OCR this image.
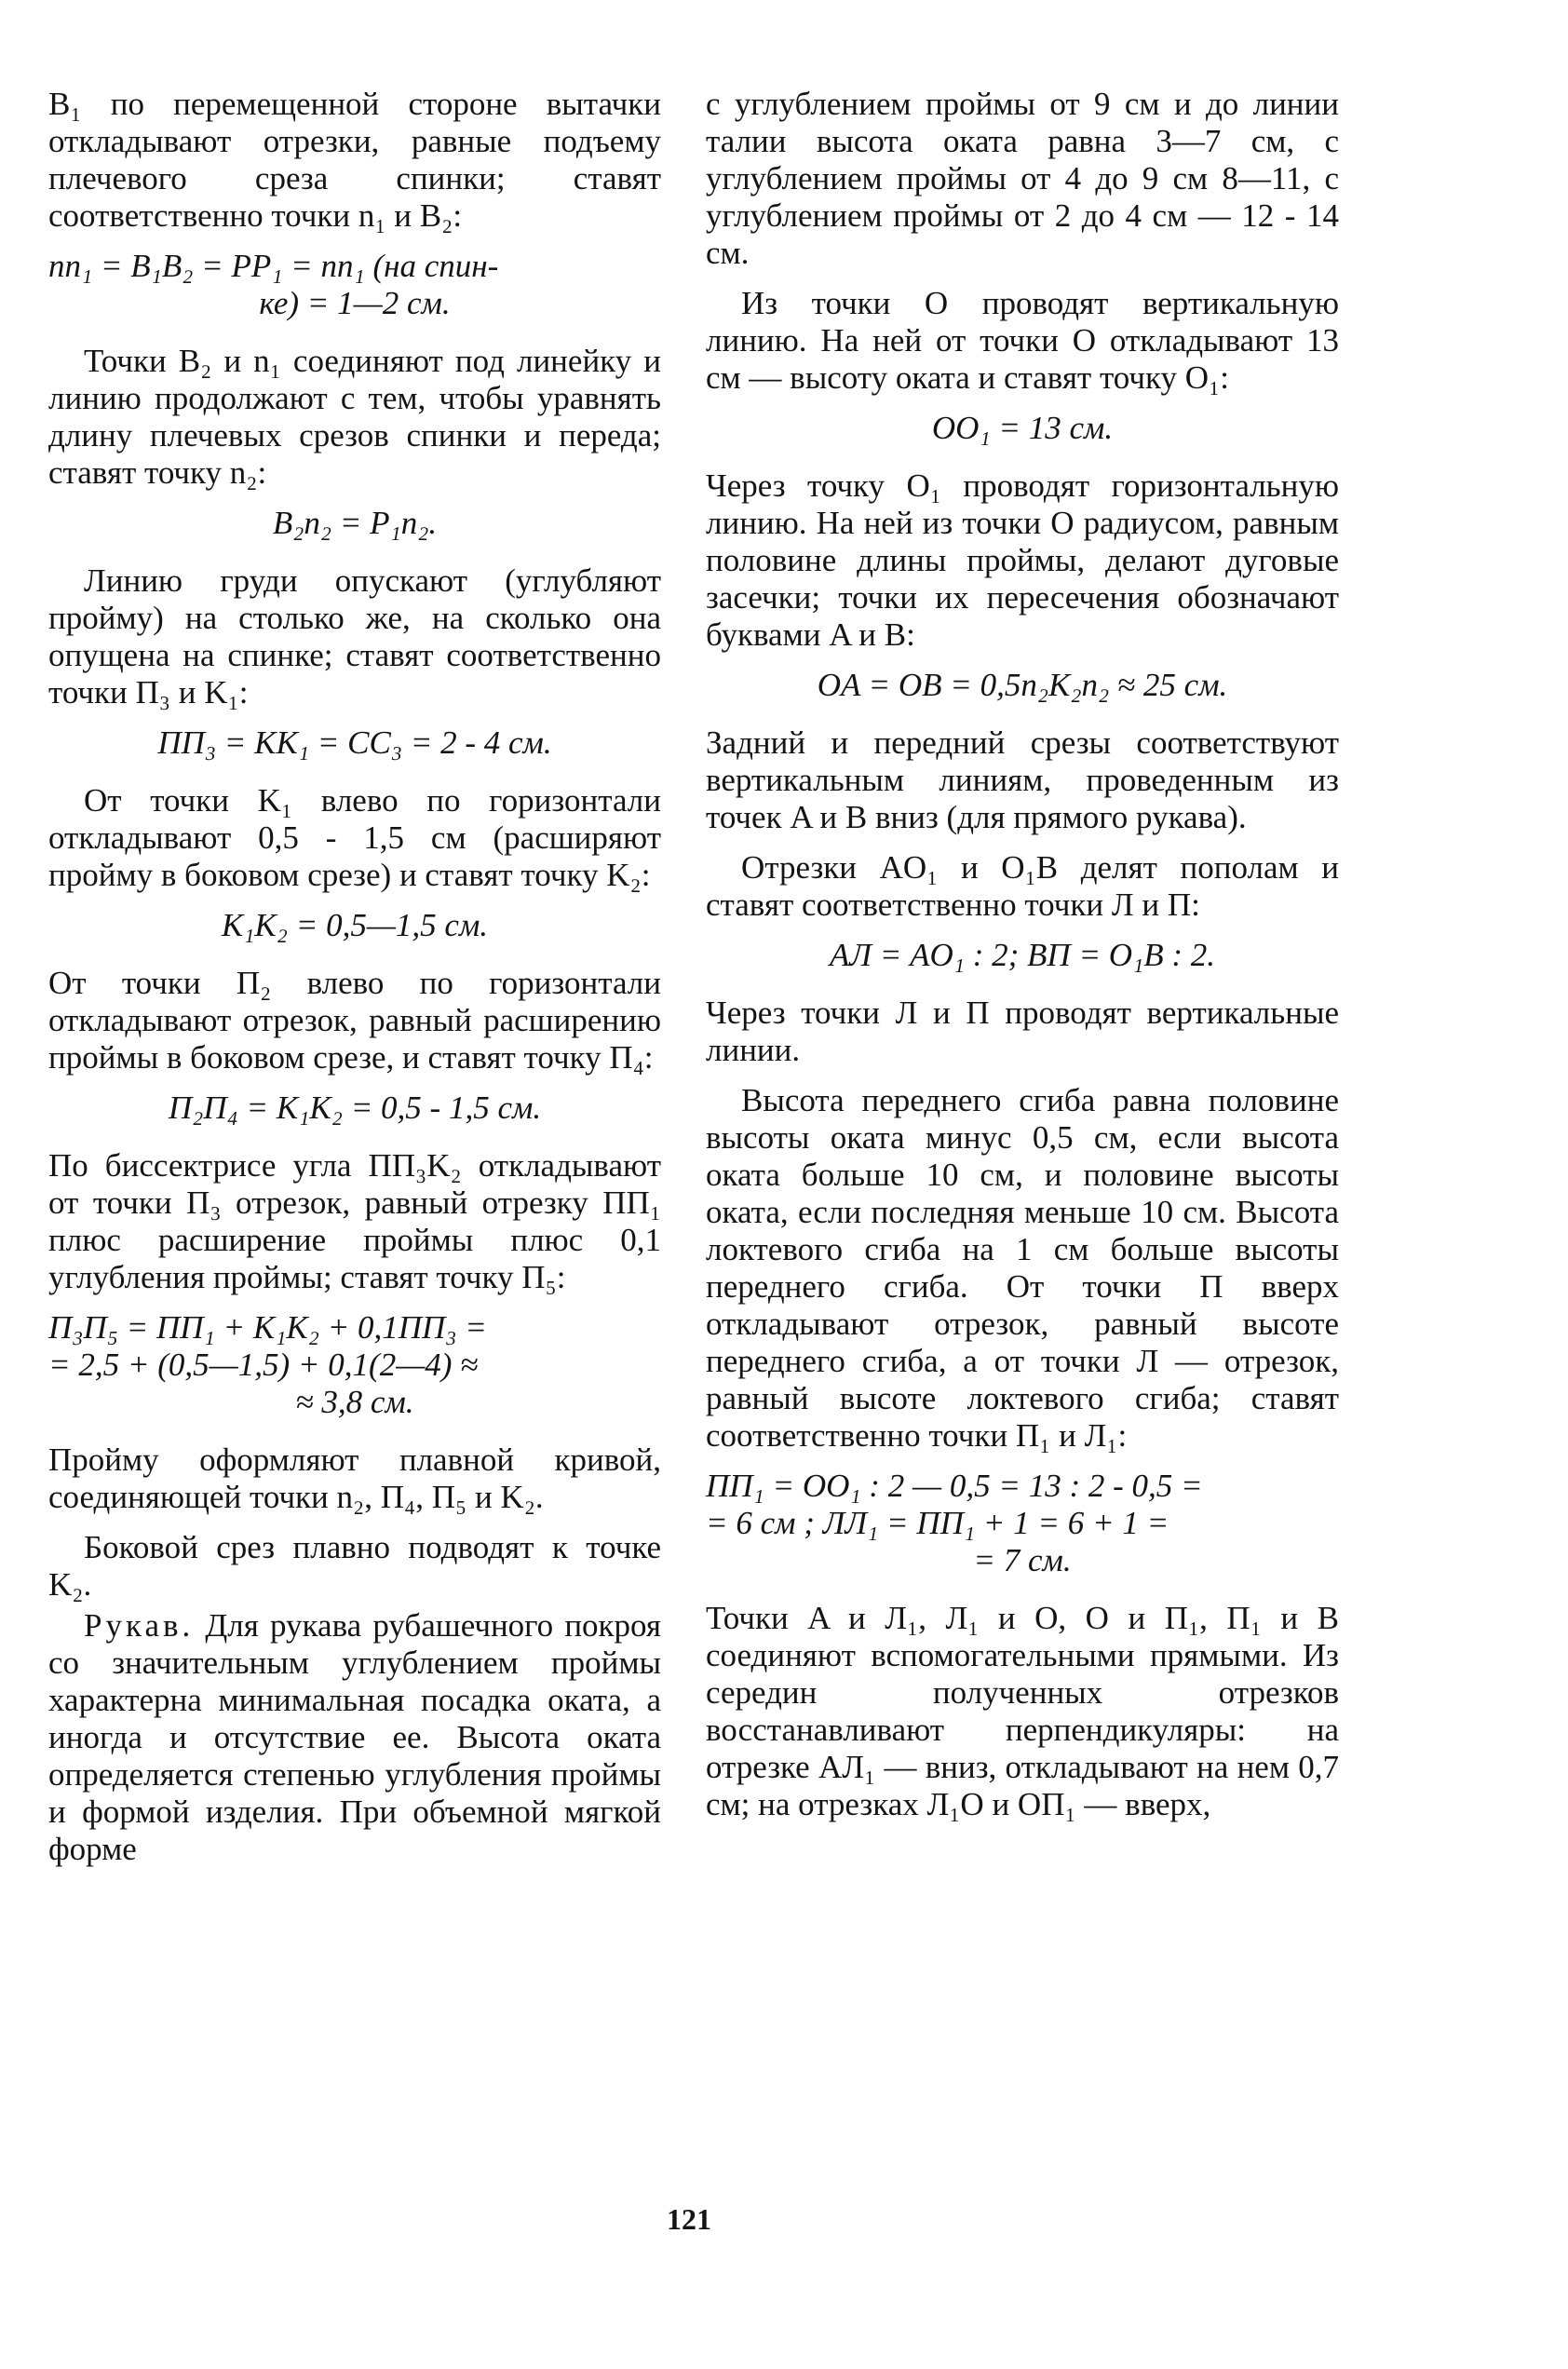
B₁ по перемещенной стороне вытачки откладывают отрезки, равные подъему плечевого среза спинки; ставят соответственно точки n₁ и B₂:

nn₁ = B₁B₂ = PP₁ = nn₁ (на спин-

ке) = 1—2 см.

Точки B₂ и n₁ соединяют под линейку и линию продолжают с тем, чтобы уравнять длину плечевых срезов спинки и переда; ставят точку n₂:

B₂n₂ = P₁n₂.

Линию груди опускают (углубляют пройму) на столько же, на сколько она опущена на спинке; ставят соответственно точки П₃ и K₁:

ПП₃ = KK₁ = CC₃ = 2 - 4 см.

От точки K₁ влево по горизонтали откладывают 0,5 - 1,5 см (расширяют пройму в боковом срезе) и ставят точку K₂:

K₁K₂ = 0,5—1,5 см.

От точки П₂ влево по горизонтали откладывают отрезок, равный расширению проймы в боковом срезе, и ставят точку П₄:

П₂П₄ = K₁K₂ = 0,5 - 1,5 см.

По биссектрисе угла ПП₃K₂ откладывают от точки П₃ отрезок, равный отрезку ПП₁ плюс расширение проймы плюс 0,1 углубления проймы; ставят точку П₅:

П₃П₅ = ПП₁ + K₁K₂ + 0,1ПП₃ =

= 2,5 + (0,5—1,5) + 0,1(2—4) ≈

≈ 3,8 см.

Пройму оформляют плавной кривой, соединяющей точки n₂, П₄, П₅ и K₂.

Боковой срез плавно подводят к точке K₂.

Рукав. Для рукава рубашечного покроя со значительным углублением проймы характерна минимальная посадка оката, а иногда и отсутствие ее. Высота оката определяется степенью углубления проймы и формой изделия. При объемной мягкой форме

с углублением проймы от 9 см и до линии талии высота оката равна 3—7 см, с углублением проймы от 4 до 9 см 8—11, с углублением проймы от 2 до 4 см — 12 - 14 см.

Из точки O проводят вертикальную линию. На ней от точки O откладывают 13 см — высоту оката и ставят точку O₁:

OO₁ = 13 см.

Через точку O₁ проводят горизонтальную линию. На ней из точки O радиусом, равным половине длины проймы, делают дуговые засечки; точки их пересечения обозначают буквами A и B:

OA = OB = 0,5n₂K₂n₂ ≈ 25 см.

Задний и передний срезы соответствуют вертикальным линиям, проведенным из точек A и B вниз (для прямого рукава).

Отрезки AO₁ и O₁B делят пополам и ставят соответственно точки Л и П:

AЛ = AO₁ : 2; BП = O₁B : 2.

Через точки Л и П проводят вертикальные линии.

Высота переднего сгиба равна половине высоты оката минус 0,5 см, если высота оката больше 10 см, и половине высоты оката, если последняя меньше 10 см. Высота локтевого сгиба на 1 см больше высоты переднего сгиба. От точки П вверх откладывают отрезок, равный высоте переднего сгиба, а от точки Л — отрезок, равный высоте локтевого сгиба; ставят соответственно точки П₁ и Л₁:

ПП₁ = OO₁ : 2 — 0,5 = 13 : 2 - 0,5 =

= 6 см ; ЛЛ₁ = ПП₁ + 1 = 6 + 1 =

= 7 см.

Точки A и Л₁, Л₁ и O, O и П₁, П₁ и B соединяют вспомогательными прямыми. Из середин полученных отрезков восстанавливают перпендикуляры: на отрезке AЛ₁ — вниз, откладывают на нем 0,7 см; на отрезках Л₁O и OП₁ — вверх,

121
